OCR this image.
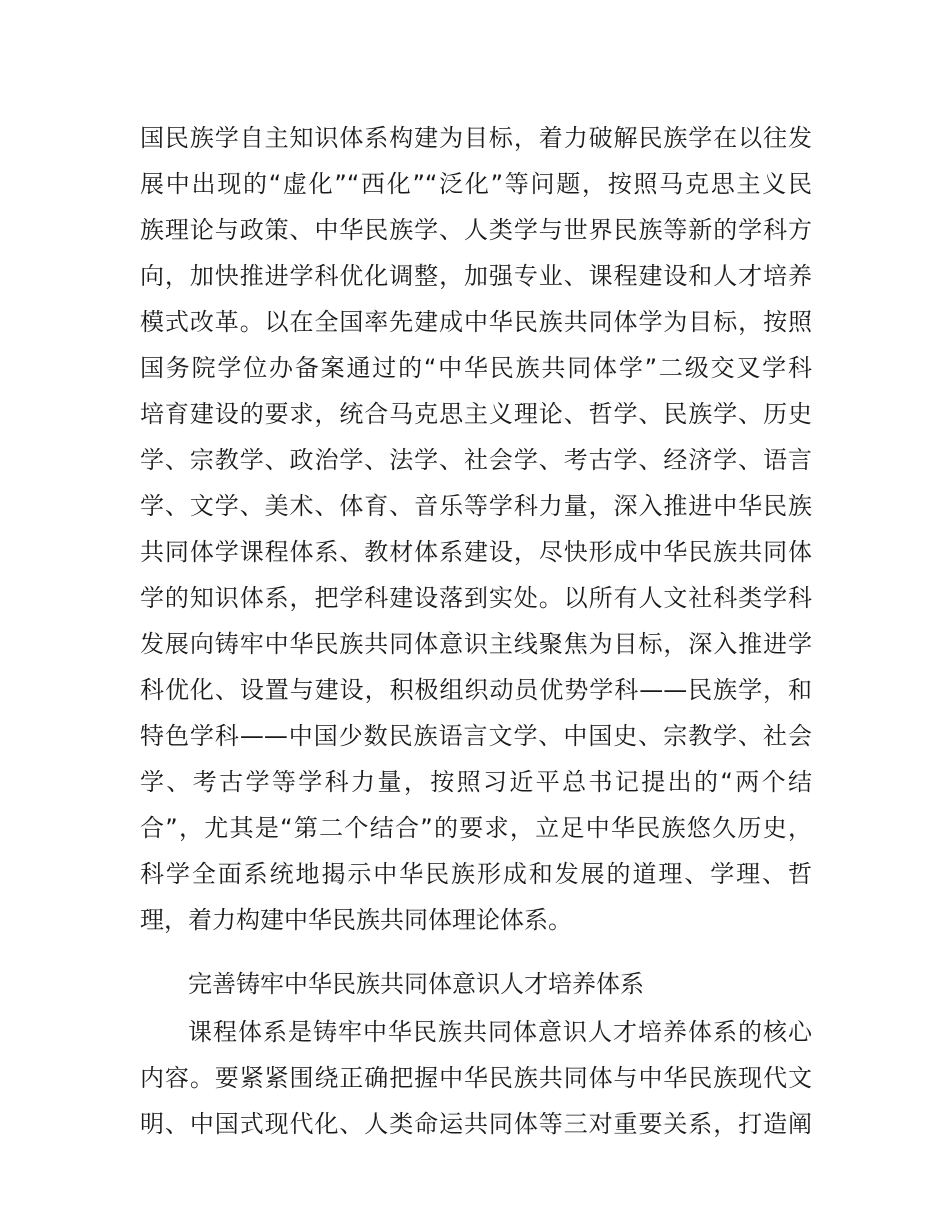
国民族学自主知识体系构建为目标，着力破解民族学在以往发
展中出现的“虚化”“西化”“泛化”等问题，按照马克思主义民
族理论与政策、中华民族学、人类学与世界民族等新的学科方
向，加快推进学科优化调整，加强专业、课程建设和人才培养
模式改革。以在全国率先建成中华民族共同体学为目标，按照
国务院学位办备案通过的“中华民族共同体学”二级交叉学科
培育建设的要求，统合马克思主义理论、哲学、民族学、历史
学、宗教学、政治学、法学、社会学、考古学、经济学、语言
学、文学、美术、体育、音乐等学科力量，深入推进中华民族
共同体学课程体系、教材体系建设，尽快形成中华民族共同体
学的知识体系，把学科建设落到实处。以所有人文社科类学科
发展向铸牢中华民族共同体意识主线聚焦为目标，深入推进学
科优化、设置与建设，积极组织动员优势学科——民族学，和
特色学科——中国少数民族语言文学、中国史、宗教学、社会
学、考古学等学科力量，按照习近平总书记提出的“两个结
合”，尤其是“第二个结合”的要求，立足中华民族悠久历史，
科学全面系统地揭示中华民族形成和发展的道理、学理、哲
理，着力构建中华民族共同体理论体系。
完善铸牢中华民族共同体意识人才培养体系
课程体系是铸牢中华民族共同体意识人才培养体系的核心
内容。要紧紧围绕正确把握中华民族共同体与中华民族现代文
明、中国式现代化、人类命运共同体等三对重要关系，打造阐
